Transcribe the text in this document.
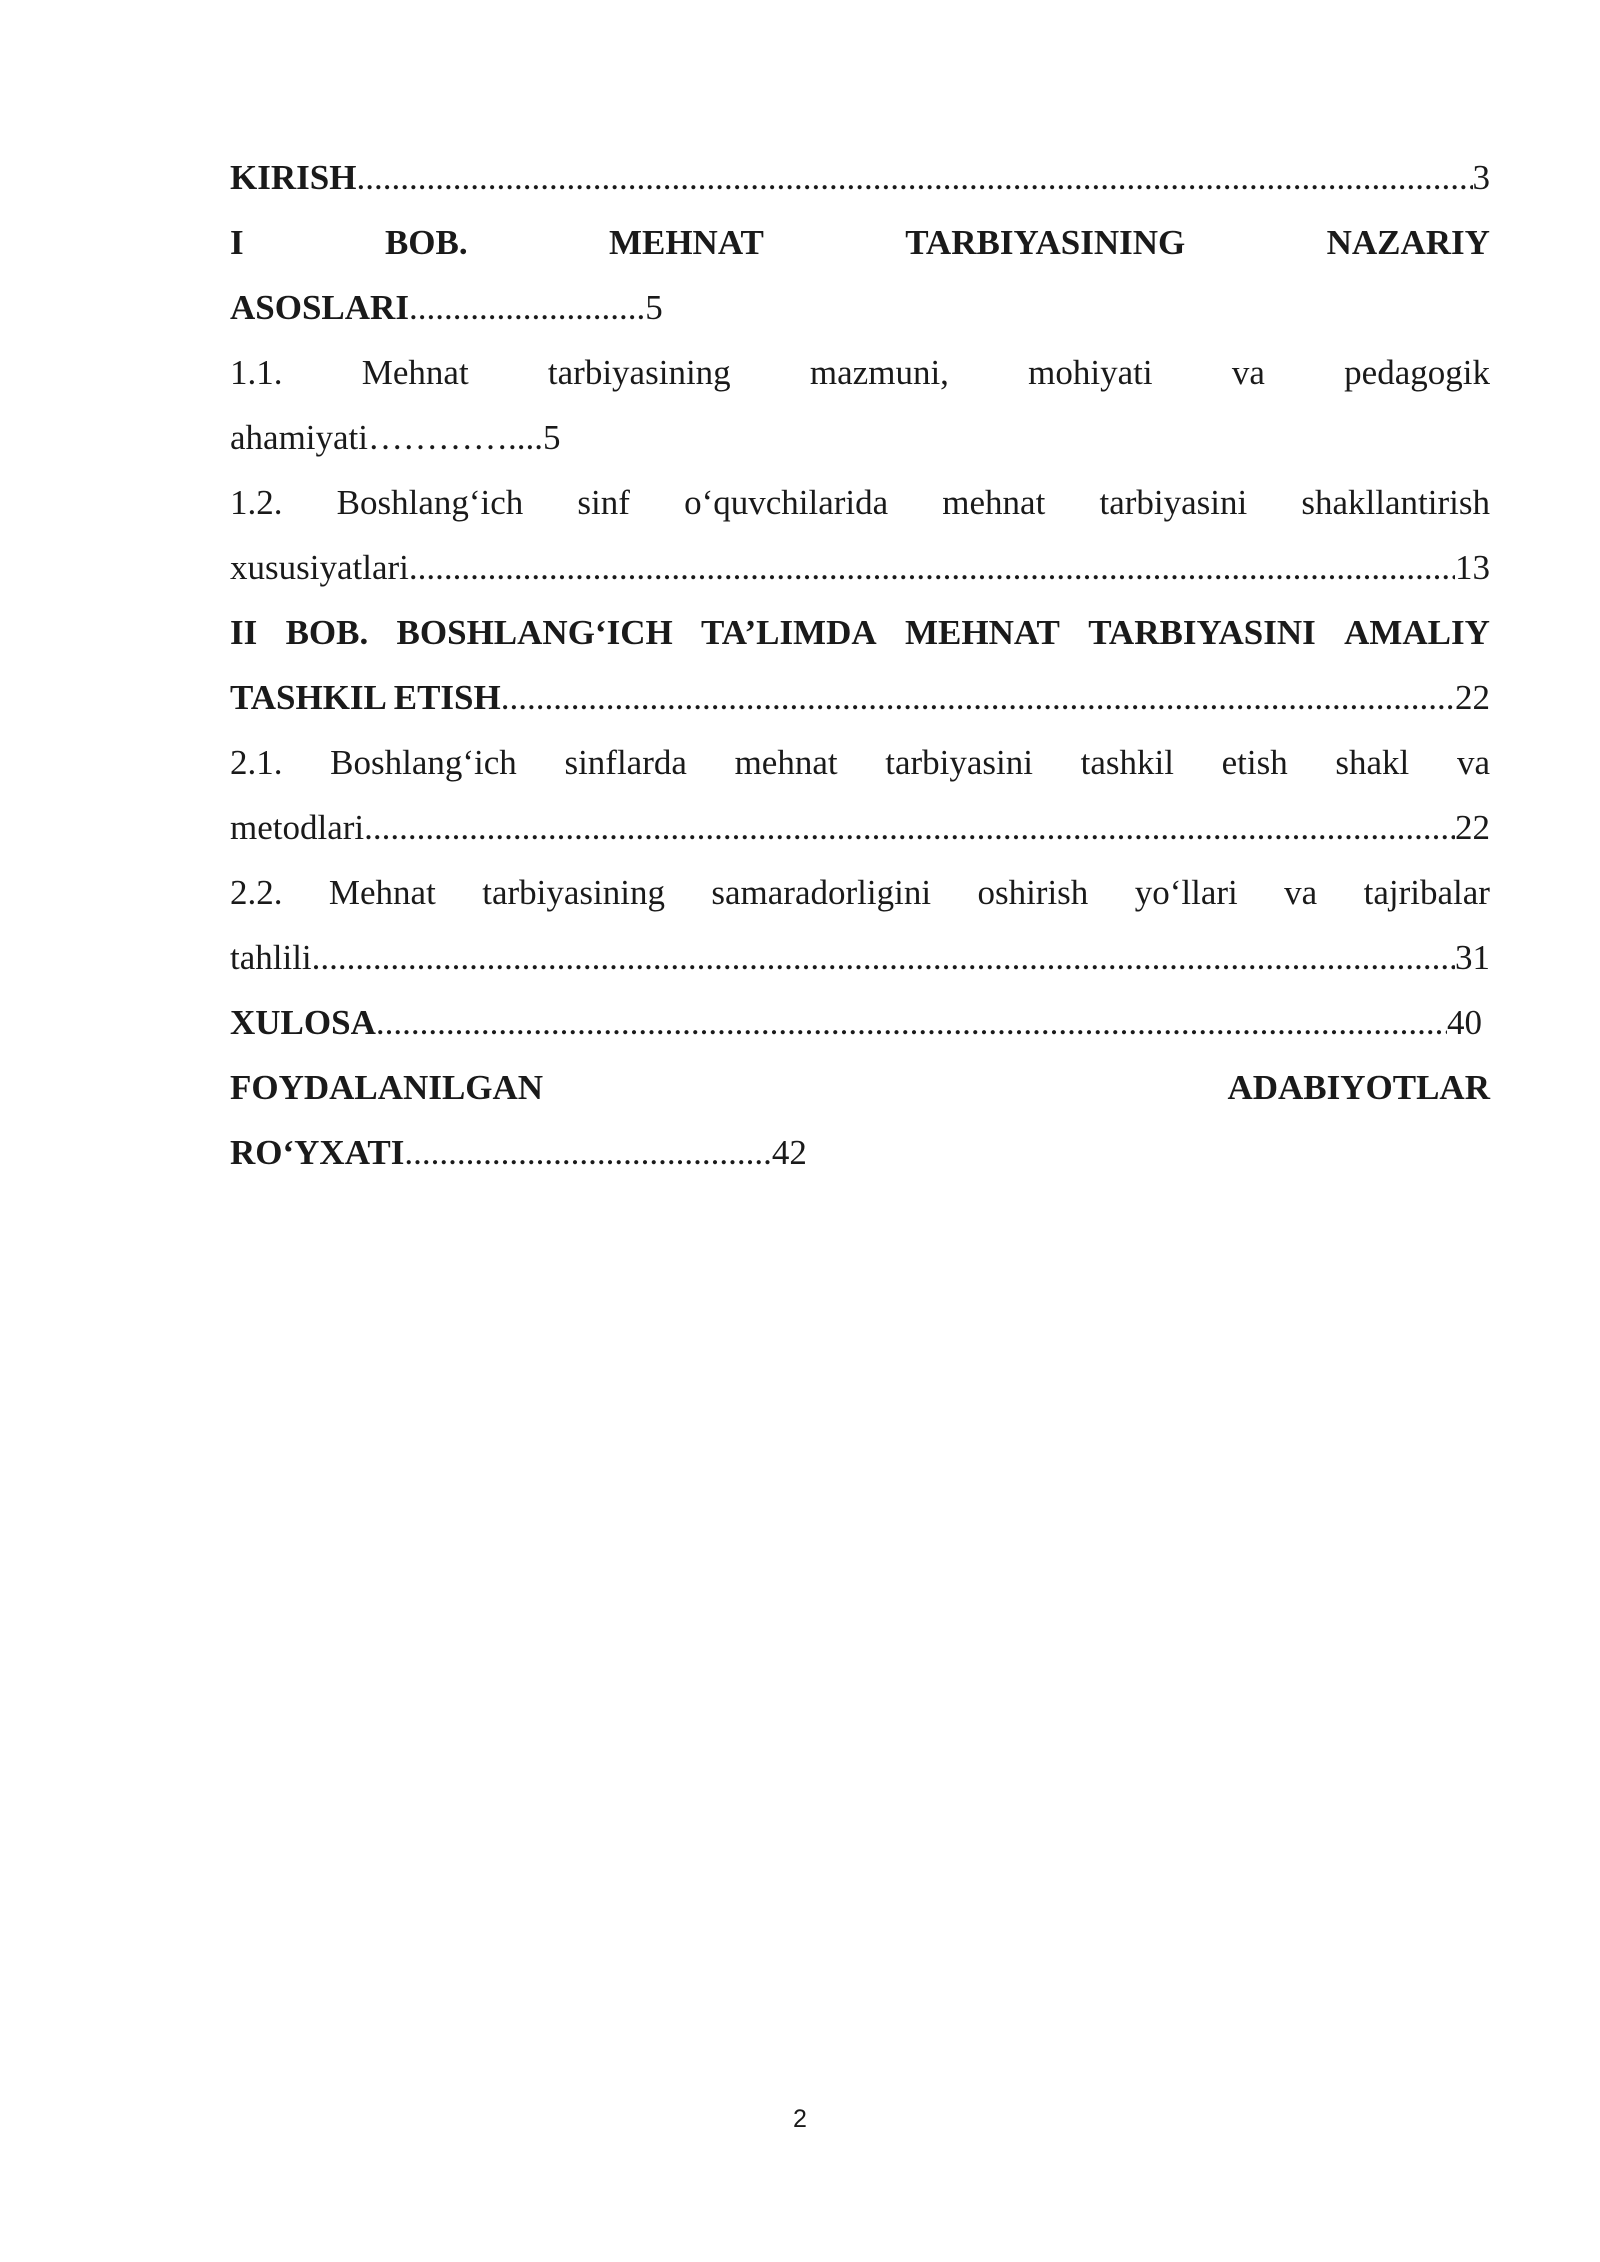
KIRISH .....	3
I	BOB.	MEHNAT	TARBIYASINING	NAZARIY
ASOSLARI...........................5
1.1. Mehnat tarbiyasining mazmuni, mohiyati va pedagogik
ahamiyati…………....5
1.2. Boshlang‘ich sinf o‘quvchilarida mehnat tarbiyasini shakllantirish
xususiyatlari .....	13
II BOB. BOSHLANG‘ICH TA’LIMDA MEHNAT TARBIYASINI AMALIY
TASHKIL ETISH .....	22
2.1. Boshlang‘ich sinflarda mehnat tarbiyasini tashkil etish shakl va
metodlari .....	22
2.2. Mehnat tarbiyasining samaradorligini oshirish yo‘llari va tajribalar
tahlili .....	31
XULOSA .....	40
FOYDALANILGAN	ADABIYOTLAR
RO‘YXATI..........................................42
2
